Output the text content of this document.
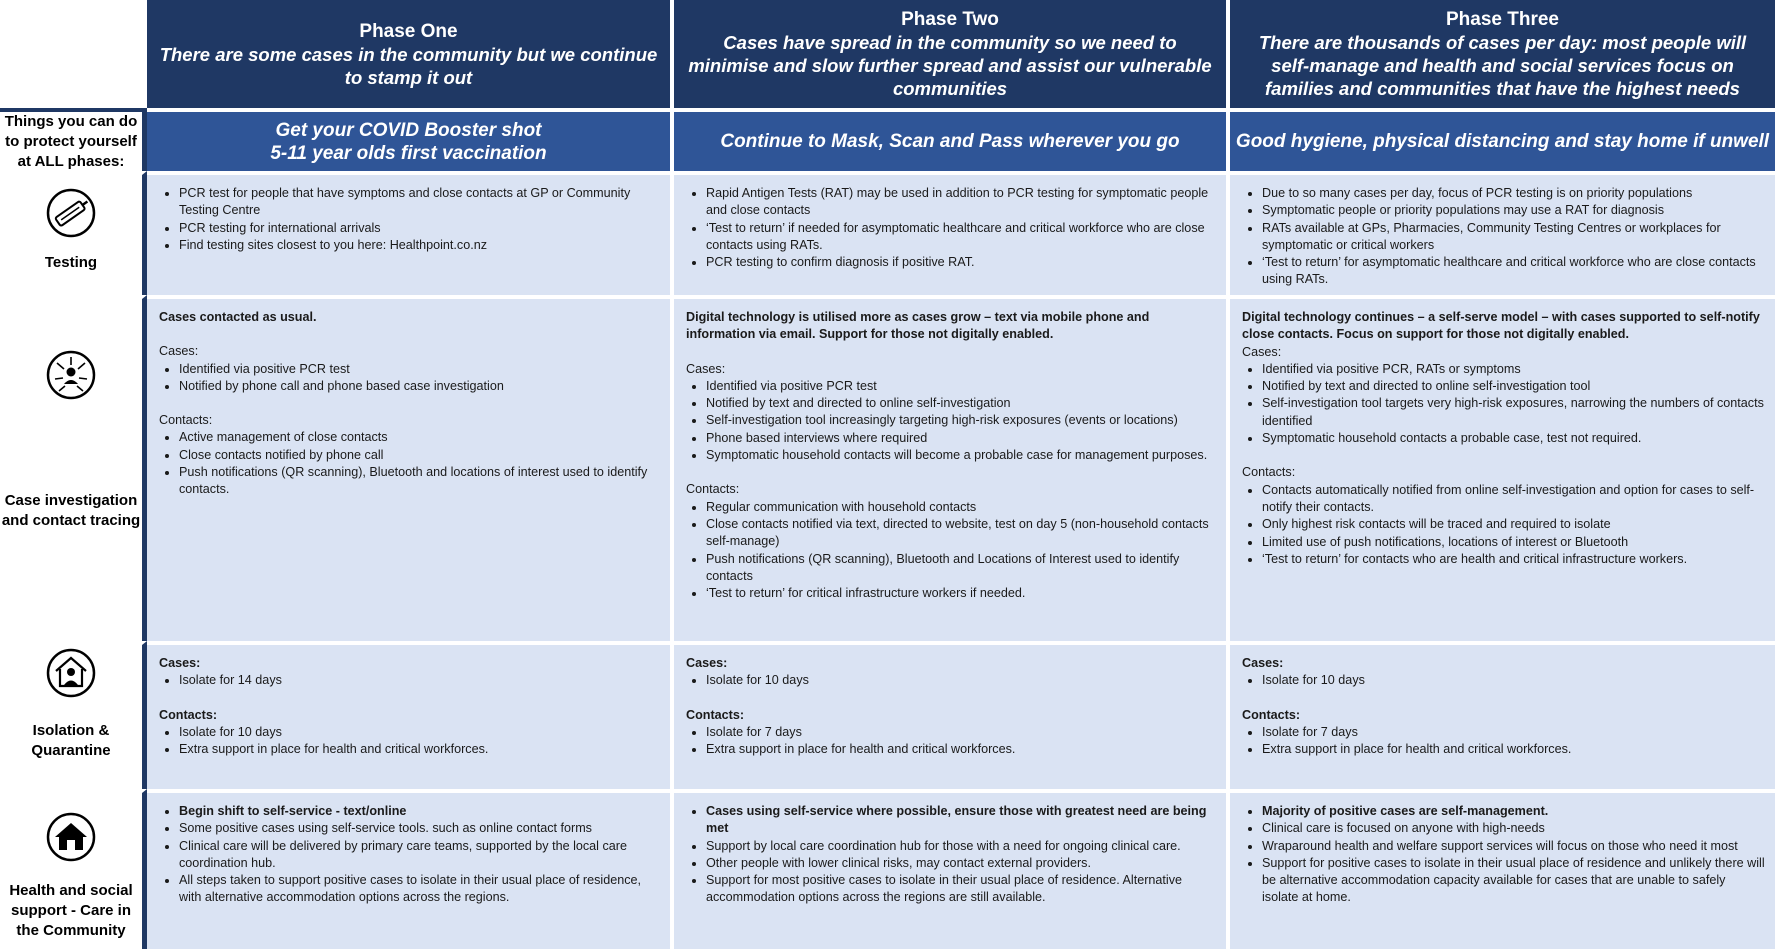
Phase One
There are some cases in the community but we continue to stamp it out
Phase Two
Cases have spread in the community so we need to minimise and slow further spread and assist our vulnerable communities
Phase Three
There are thousands of cases per day: most people will self-manage and health and social services focus on families and communities that have the highest needs
Things you can do to protect yourself at ALL phases:
Get your COVID Booster shot
5-11 year olds first vaccination
Continue to Mask, Scan and Pass wherever you go	Good hygiene, physical distancing and stay home if unwell
Testing
• PCR test for people that have symptoms and close contacts at GP or Community Testing Centre
• PCR testing for international arrivals
• Find testing sites closest to you here: Healthpoint.co.nz
• Rapid Antigen Tests (RAT) may be used in addition to PCR testing for symptomatic people and close contacts
• ‘Test to return’ if needed for asymptomatic healthcare and critical workforce who are close contacts using RATs.
• PCR testing to confirm diagnosis if positive RAT.
• Due to so many cases per day, focus of PCR testing is on priority populations
• Symptomatic people or priority populations may use a RAT for diagnosis
• RATs available at GPs, Pharmacies, Community Testing Centres or workplaces for symptomatic or critical workers
• ‘Test to return’ for asymptomatic healthcare and critical workforce who are close contacts using RATs.
Case investigation and contact tracing

Cases contacted as usual.

Cases:

• Identified via positive PCR test
• Notified by phone call and phone based case investigation

Contacts:

• Active management of close contacts
• Close contacts notified by phone call
• Push notifications (QR scanning), Bluetooth and locations of interest used to identify contacts.

Digital technology is utilised more as cases grow – text via mobile phone and information via email. Support for those not digitally enabled.

Cases:

• Identified via positive PCR test
• Notified by text and directed to online self-investigation
• Self-investigation tool increasingly targeting high-risk exposures (events or locations)
• Phone based interviews where required
• Symptomatic household contacts will become a probable case for management purposes.

Contacts:

• Regular communication with household contacts
• Close contacts notified via text, directed to website, test on day 5 (non-household contacts self-manage)
• Push notifications (QR scanning), Bluetooth and Locations of Interest used to identify contacts
• ‘Test to return’ for critical infrastructure workers if needed.

Digital technology continues – a self-serve model – with cases supported to self-notify close contacts. Focus on support for those not digitally enabled.

Cases:

• Identified via positive PCR, RATs or symptoms
• Notified by text and directed to online self-investigation tool
• Self-investigation tool targets very high-risk exposures, narrowing the numbers of contacts identified
• Symptomatic household contacts a probable case, test not required.

Contacts:

• Contacts automatically notified from online self-investigation and option for cases to self-notify their contacts.
• Only highest risk contacts will be traced and required to isolate
• Limited use of push notifications, locations of interest or Bluetooth
• ‘Test to return’ for contacts who are health and critical infrastructure workers.
Isolation & Quarantine

Cases:

• Isolate for 14 days

Contacts:

• Isolate for 10 days
• Extra support in place for health and critical workforces.

Cases:

• Isolate for 10 days

Contacts:

• Isolate for 7 days
• Extra support in place for health and critical workforces.

Cases:

• Isolate for 10 days

Contacts:

• Isolate for 7 days
• Extra support in place for health and critical workforces.
Health and social support - Care in the Community
• Begin shift to self-service - text/online
• Some positive cases using self-service tools. such as online contact forms
• Clinical care will be delivered by primary care teams, supported by the local care coordination hub.
• All steps taken to support positive cases to isolate in their usual place of residence, with alternative accommodation options across the regions.
• Cases using self-service where possible, ensure those with greatest need are being met
• Support by local care coordination hub for those with a need for ongoing clinical care.
• Other people with lower clinical risks, may contact external providers.
• Support for most positive cases to isolate in their usual place of residence. Alternative accommodation options across the regions are still available.
• Majority of positive cases are self-management.
• Clinical care is focused on anyone with high-needs
• Wraparound health and welfare support services will focus on those who need it most
• Support for positive cases to isolate in their usual place of residence and unlikely there will be alternative accommodation capacity available for cases that are unable to safely isolate at home.
